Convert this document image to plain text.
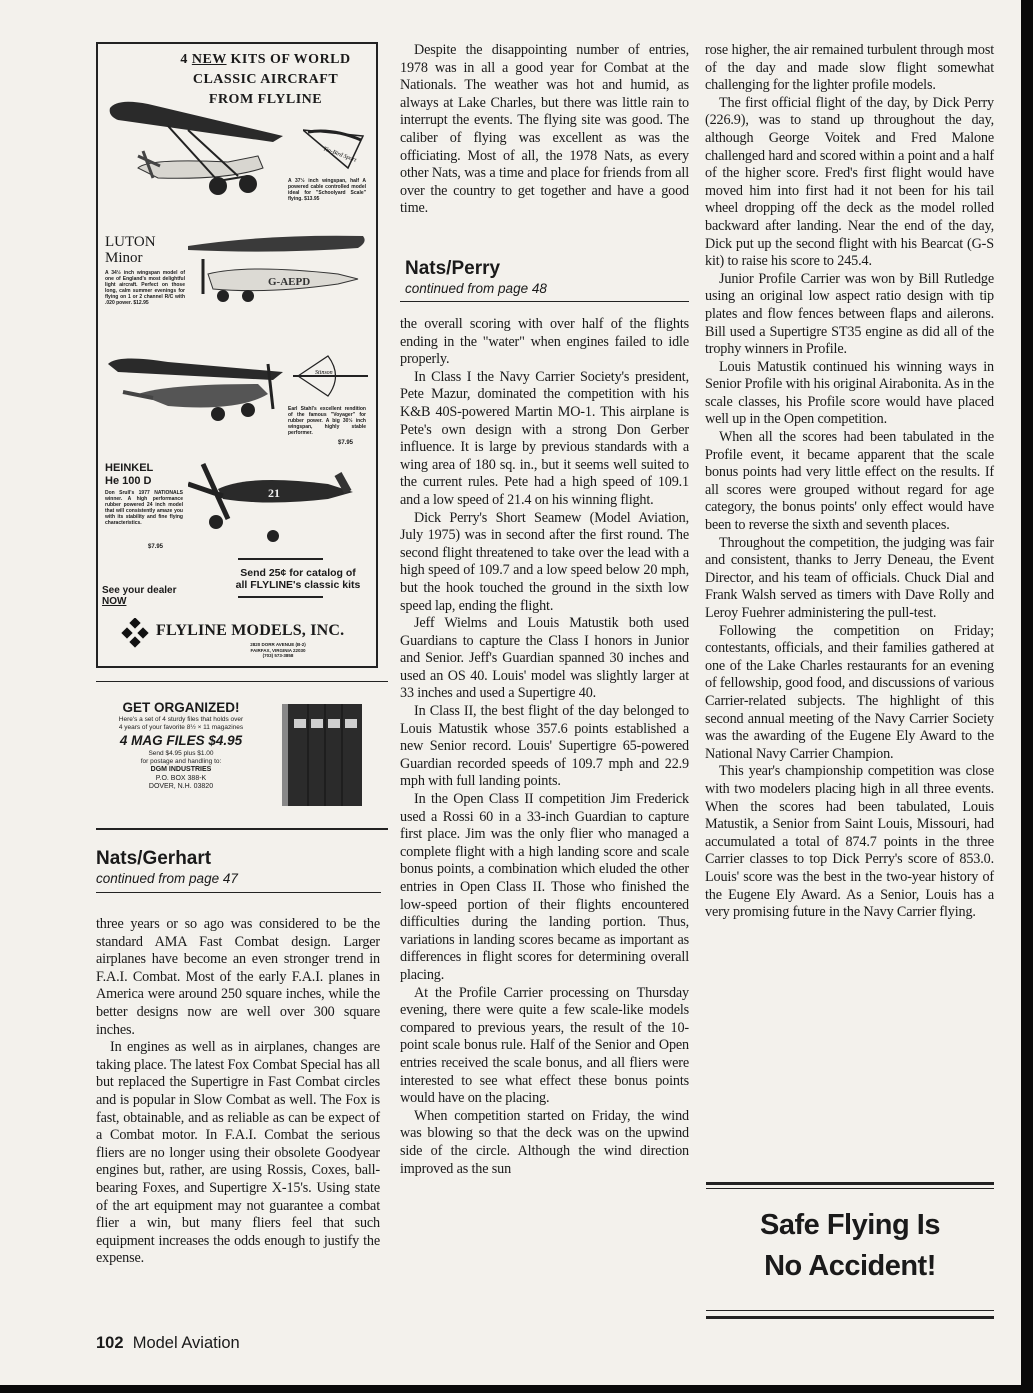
4 NEW KITS OF WORLD
CLASSIC AIRCRAFT
FROM FLYLINE
Tin-Bird Sport
A 37½ inch wingspan, half A powered cable controlled model ideal for "Schoolyard Scale" flying. $13.95
LUTON
Minor
A 34½ inch wingspan model of one of England's most delightful light aircraft. Perfect on those long, calm summer evenings for flying on 1 or 2 channel R/C with .020 power. $12.95
G-AEPD
Stinson
Earl Stahl's excellent rendition of the famous "Voyager" for rubber power. A big 30½ inch wingspan, highly stable performer.
$7.95
HEINKEL
He 100 D
Don Srull's 1977 NATIONALS winner. A high performance rubber powered 24 inch model that will consistently amaze you with its stability and fine flying characteristics.
$7.95
21
Send 25¢ for catalog of
all FLYLINE's classic kits
See your dealer
NOW
FLYLINE MODELS, INC.
2820 DORR AVENUE (B-2)
FAIRFAX, VIRGINIA 22030
(703) 573-3858
GET ORGANIZED!
Here's a set of 4 sturdy files that holds over
4 years of your favorite 8½ × 11 magazines
4 MAG FILES $4.95
Send $4.95 plus $1.00
for postage and handling to:
DGM INDUSTRIES
P.O. BOX 388-K
DOVER, N.H. 03820
Nats/Gerhart
continued from page 47

three years or so ago was considered to be the standard AMA Fast Combat design. Larger airplanes have become an even stronger trend in F.A.I. Combat. Most of the early F.A.I. planes in America were around 250 square inches, while the better designs now are well over 300 square inches.

In engines as well as in airplanes, changes are taking place. The latest Fox Combat Special has all but replaced the Supertigre in Fast Combat circles and is popular in Slow Combat as well. The Fox is fast, obtainable, and as reliable as can be expect of a Combat motor. In F.A.I. Combat the serious fliers are no longer using their obsolete Goodyear engines but, rather, are using Rossis, Coxes, ball-bearing Foxes, and Supertigre X-15's. Using state of the art equipment may not guarantee a combat flier a win, but many fliers feel that such equipment increases the odds enough to justify the expense.

Despite the disappointing number of entries, 1978 was in all a good year for Combat at the Nationals. The weather was hot and humid, as always at Lake Charles, but there was little rain to interrupt the events. The flying site was good. The caliber of flying was excellent as was the officiating. Most of all, the 1978 Nats, as every other Nats, was a time and place for friends from all over the country to get together and have a good time.

Nats/Perry
continued from page 48

the overall scoring with over half of the flights ending in the "water" when engines failed to idle properly.

In Class I the Navy Carrier Society's president, Pete Mazur, dominated the competition with his K&B 40S-powered Martin MO-1. This airplane is Pete's own design with a strong Don Gerber influence. It is large by previous standards with a wing area of 180 sq. in., but it seems well suited to the current rules. Pete had a high speed of 109.1 and a low speed of 21.4 on his winning flight.

Dick Perry's Short Seamew (Model Aviation, July 1975) was in second after the first round. The second flight threatened to take over the lead with a high speed of 109.7 and a low speed below 20 mph, but the hook touched the ground in the sixth low speed lap, ending the flight.

Jeff Wielms and Louis Matustik both used Guardians to capture the Class I honors in Junior and Senior. Jeff's Guardian spanned 30 inches and used an OS 40. Louis' model was slightly larger at 33 inches and used a Supertigre 40.

In Class II, the best flight of the day belonged to Louis Matustik whose 357.6 points established a new Senior record. Louis' Supertigre 65-powered Guardian recorded speeds of 109.7 mph and 22.9 mph with full landing points.

In the Open Class II competition Jim Frederick used a Rossi 60 in a 33-inch Guardian to capture first place. Jim was the only flier who managed a complete flight with a high landing score and scale bonus points, a combination which eluded the other entries in Open Class II. Those who finished the low-speed portion of their flights encountered difficulties during the landing portion. Thus, variations in landing scores became as important as differences in flight scores for determining overall placing.

At the Profile Carrier processing on Thursday evening, there were quite a few scale-like models compared to previous years, the result of the 10-point scale bonus rule. Half of the Senior and Open entries received the scale bonus, and all fliers were interested to see what effect these bonus points would have on the placing.

When competition started on Friday, the wind was blowing so that the deck was on the upwind side of the circle. Although the wind direction improved as the sun

rose higher, the air remained turbulent through most of the day and made slow flight somewhat challenging for the lighter profile models.

The first official flight of the day, by Dick Perry (226.9), was to stand up throughout the day, although George Voitek and Fred Malone challenged hard and scored within a point and a half of the higher score. Fred's first flight would have moved him into first had it not been for his tail wheel dropping off the deck as the model rolled backward after landing. Near the end of the day, Dick put up the second flight with his Bearcat (G-S kit) to raise his score to 245.4.

Junior Profile Carrier was won by Bill Rutledge using an original low aspect ratio design with tip plates and flow fences between flaps and ailerons. Bill used a Supertigre ST35 engine as did all of the trophy winners in Profile.

Louis Matustik continued his winning ways in Senior Profile with his original Airabonita. As in the scale classes, his Profile score would have placed well up in the Open competition.

When all the scores had been tabulated in the Profile event, it became apparent that the scale bonus points had very little effect on the results. If all scores were grouped without regard for age category, the bonus points' only effect would have been to reverse the sixth and seventh places.

Throughout the competition, the judging was fair and consistent, thanks to Jerry Deneau, the Event Director, and his team of officials. Chuck Dial and Frank Walsh served as timers with Dave Rolly and Leroy Fuehrer administering the pull-test.

Following the competition on Friday; contestants, officials, and their families gathered at one of the Lake Charles restaurants for an evening of fellowship, good food, and discussions of various Carrier-related subjects. The highlight of this second annual meeting of the Navy Carrier Society was the awarding of the Eugene Ely Award to the National Navy Carrier Champion.

This year's championship competition was close with two modelers placing high in all three events. When the scores had been tabulated, Louis Matustik, a Senior from Saint Louis, Missouri, had accumulated a total of 874.7 points in the three Carrier classes to top Dick Perry's score of 853.0. Louis' score was the best in the two-year history of the Eugene Ely Award. As a Senior, Louis has a very promising future in the Navy Carrier flying.

Safe Flying Is
No Accident!
102 Model Aviation
